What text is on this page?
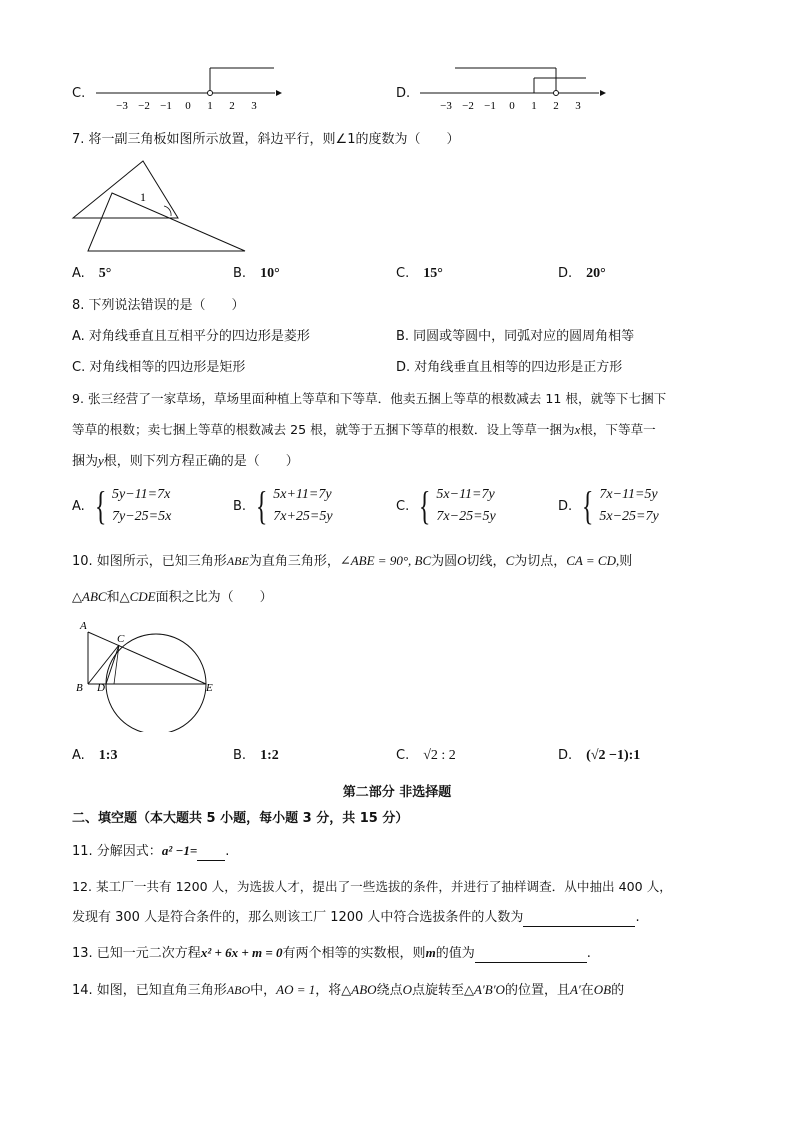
C.
−3 −2 −1 0 1 2 3
D.
−3 −2 −1 0 1 2 3
7. 将一副三角板如图所示放置，斜边平行，则∠1的度数为（　　）
1
A. 5°	B. 10°	C. 15°	D. 20°
8. 下列说法错误的是（　　）
A. 对角线垂直且互相平分的四边形是菱形	B. 同圆或等圆中，同弧对应的圆周角相等
C. 对角线相等的四边形是矩形	D. 对角线垂直且相等的四边形是正方形
9. 张三经营了一家草场，草场里面种植上等草和下等草．他卖五捆上等草的根数减去 11 根，就等下七捆下
等草的根数；卖七捆上等草的根数减去 25 根，就等于五捆下等草的根数．设上等草一捆为x根，下等草一
捆为y根，则下列方程正确的是（　　）
A. { 5y−11=7x
7y−25=5x
B. { 5x+11=7y
7x+25=5y
C. { 5x−11=7y
7x−25=5y
D. { 7x−11=5y
5x−25=7y
10. 如图所示，已知三角形ABE为直角三角形，∠ABE = 90°, BC为圆O切线，C为切点，CA = CD,则
△ABC和△CDE面积之比为（　　）
A
B
C
D	E
A. 1:3	B. 1:2	C. √2 : 2	D. (√2 −1):1
第二部分 非选择题
二、填空题（本大题共 5 小题，每小题 3 分，共 15 分）
11. 分解因式：a² −1= .
12. 某工厂一共有 1200 人，为选拔人才，提出了一些选拔的条件，并进行了抽样调查．从中抽出 400 人，
发现有 300 人是符合条件的，那么则该工厂 1200 人中符合选拔条件的人数为	.
13. 已知一元二次方程x² + 6x + m = 0有两个相等的实数根，则m的值为	.
14. 如图，已知直角三角形ABO中，AO = 1，将△ABO绕点O点旋转至△A′B′O的位置，且A′在OB的
